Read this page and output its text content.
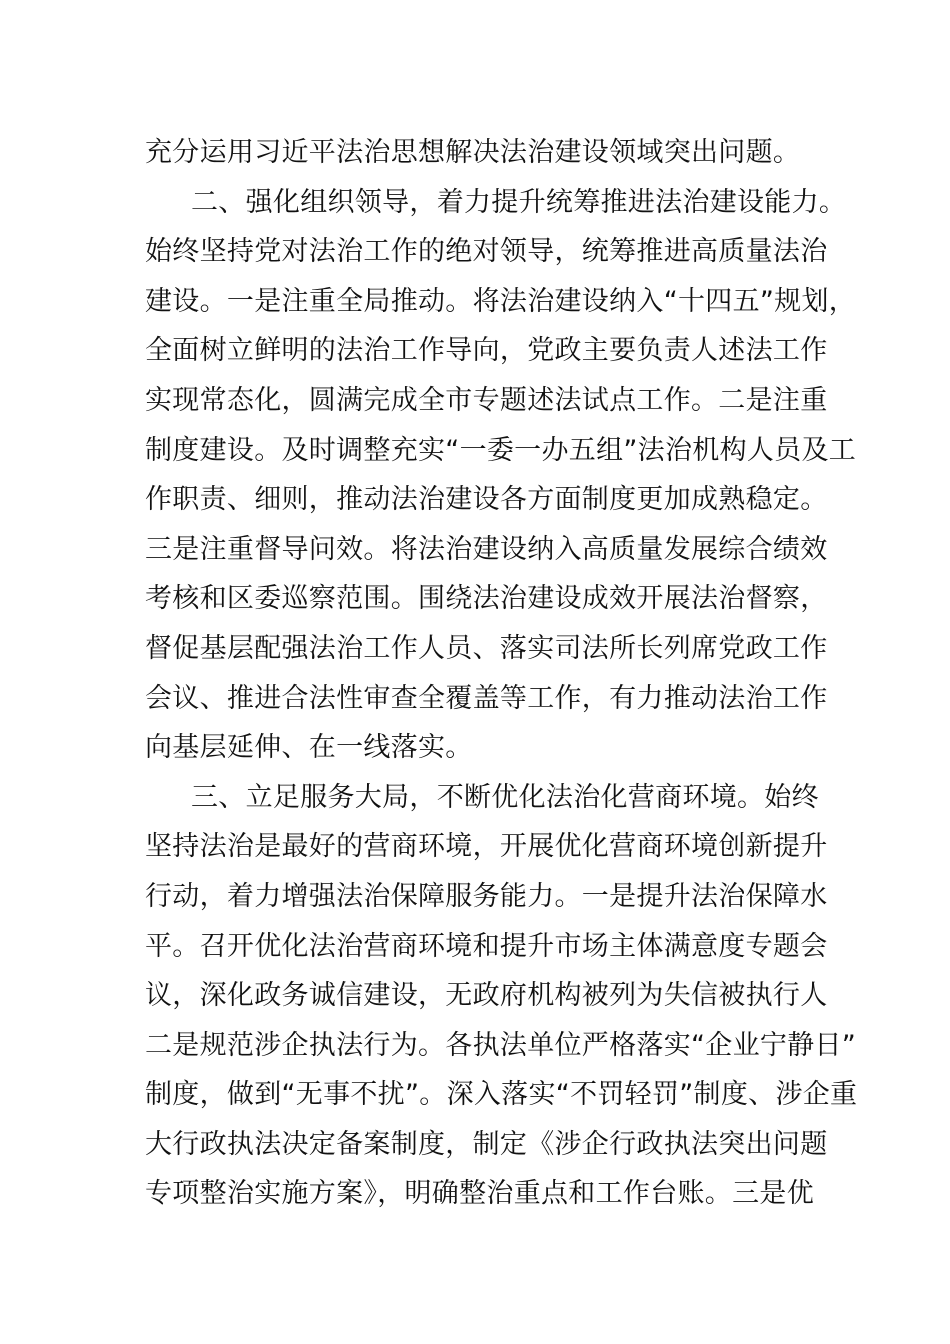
充分运用习近平法治思想解决法治建设领域突出问题。
二、强化组织领导，着力提升统筹推进法治建设能力。
始终坚持党对法治工作的绝对领导，统筹推进高质量法治
建设。一是注重全局推动。将法治建设纳入“十四五”规划，
全面树立鲜明的法治工作导向，党政主要负责人述法工作
实现常态化，圆满完成全市专题述法试点工作。二是注重
制度建设。及时调整充实“一委一办五组”法治机构人员及工
作职责、细则，推动法治建设各方面制度更加成熟稳定。
三是注重督导问效。将法治建设纳入高质量发展综合绩效
考核和区委巡察范围。围绕法治建设成效开展法治督察，
督促基层配强法治工作人员、落实司法所长列席党政工作
会议、推进合法性审查全覆盖等工作，有力推动法治工作
向基层延伸、在一线落实。
三、立足服务大局，不断优化法治化营商环境。始终
坚持法治是最好的营商环境，开展优化营商环境创新提升
行动，着力增强法治保障服务能力。一是提升法治保障水
平。召开优化法治营商环境和提升市场主体满意度专题会
议，深化政务诚信建设，无政府机构被列为失信被执行人
二是规范涉企执法行为。各执法单位严格落实“企业宁静日”
制度，做到“无事不扰”。深入落实“不罚轻罚”制度、涉企重
大行政执法决定备案制度，制定《涉企行政执法突出问题
专项整治实施方案》，明确整治重点和工作台账。三是优
